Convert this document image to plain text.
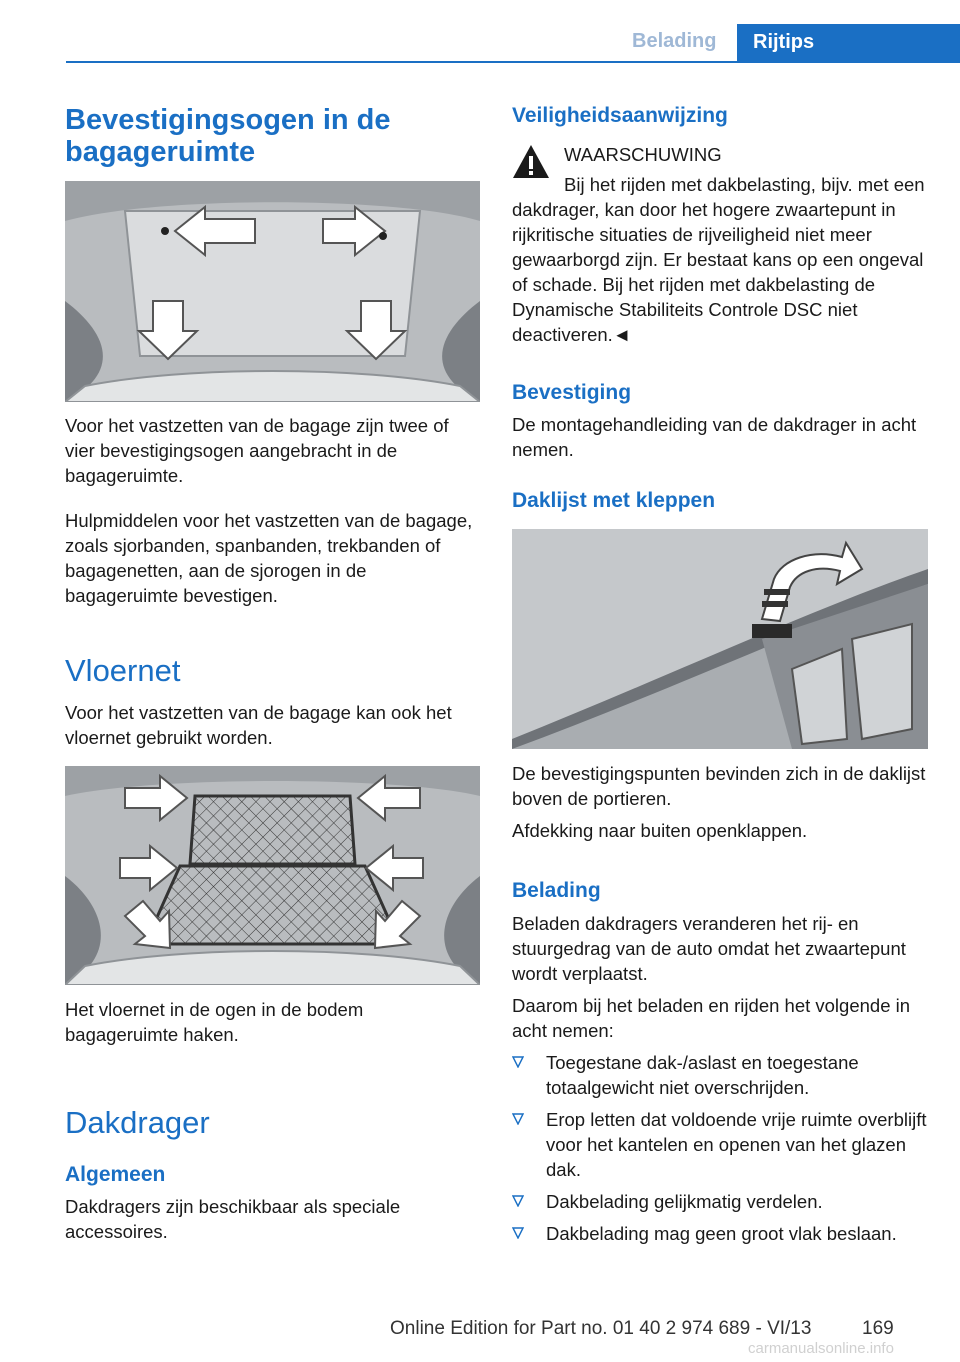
Belading Rijtips
Bevestigingsogen in de bagageruimte

Voor het vastzetten van de bagage zijn twee of vier bevestigingsogen aangebracht in de bagageruimte.

Hulpmiddelen voor het vastzetten van de bagage, zoals sjorbanden, spanbanden, trekbanden of bagagenetten, aan de sjorogen in de bagageruimte bevestigen.

Vloernet

Voor het vastzetten van de bagage kan ook het vloernet gebruikt worden.

Het vloernet in de ogen in de bodem bagageruimte haken.

Dakdrager
Algemeen

Dakdragers zijn beschikbaar als speciale accessoires.

Veiligheidsaanwijzing

WAARSCHUWING

Bij het rijden met dakbelasting, bijv. met een dakdrager, kan door het hogere zwaartepunt in rijkritische situaties de rijveiligheid niet meer gewaarborgd zijn. Er bestaat kans op een ongeval of schade. Bij het rijden met dakbelasting de Dynamische Stabiliteits Controle DSC niet deactiveren.◄

Bevestiging

De montagehandleiding van de dakdrager in acht nemen.

Daklijst met kleppen

De bevestigingspunten bevinden zich in de daklijst boven de portieren.

Afdekking naar buiten openklappen.

Belading

Beladen dakdragers veranderen het rij- en stuurgedrag van de auto omdat het zwaartepunt wordt verplaatst.

Daarom bij het beladen en rijden het volgende in acht nemen:

Toegestane dak-/aslast en toegestane totaalgewicht niet overschrijden.
Erop letten dat voldoende vrije ruimte overblijft voor het kantelen en openen van het glazen dak.
Dakbelading gelijkmatig verdelen.
Dakbelading mag geen groot vlak beslaan.
169
Online Edition for Part no. 01 40 2 974 689 - VI/13
carmanualsonline.info
